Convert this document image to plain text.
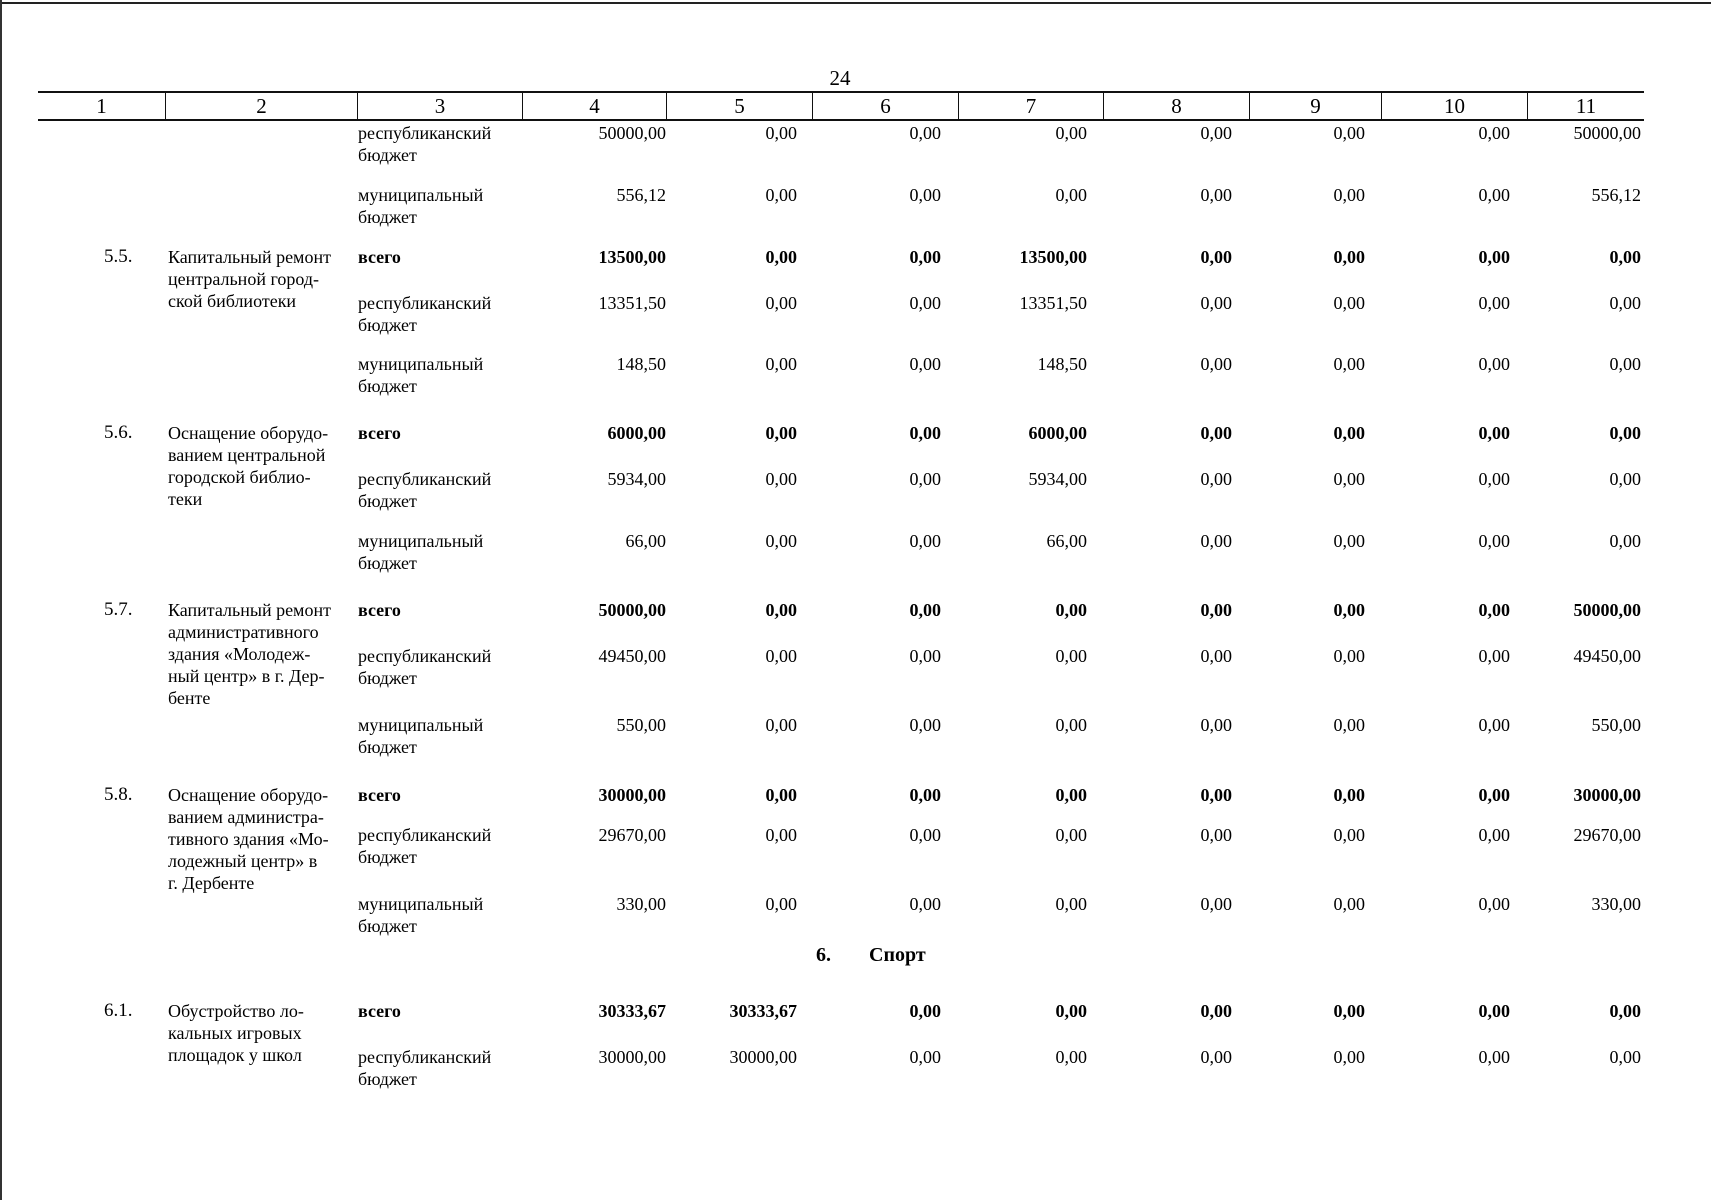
24
1	2	3	4	5	6	7	8	9	10	11
республиканский
бюджет
50000,00	0,00	0,00	0,00	0,00	0,00	0,00	50000,00
муниципальный
бюджет
556,12	0,00	0,00	0,00	0,00	0,00	0,00	556,12
5.5. Капитальный ремонт
центральной город-
ской библиотеки
всего	13500,00	0,00	0,00	13500,00	0,00	0,00	0,00	0,00
республиканский
бюджет
13351,50	0,00	0,00	13351,50	0,00	0,00	0,00	0,00
муниципальный
бюджет
148,50	0,00	0,00	148,50	0,00	0,00	0,00	0,00
5.6. Оснащение оборудо-
ванием центральной
городской библио-
теки
всего	6000,00	0,00	0,00	6000,00	0,00	0,00	0,00	0,00
республиканский
бюджет
5934,00	0,00	0,00	5934,00	0,00	0,00	0,00	0,00
муниципальный
бюджет
66,00	0,00	0,00	66,00	0,00	0,00	0,00	0,00
5.7. Капитальный ремонт
административного
здания «Молодеж-
ный центр» в г. Дер-
бенте
всего	50000,00	0,00	0,00	0,00	0,00	0,00	0,00	50000,00
республиканский
бюджет
49450,00	0,00	0,00	0,00	0,00	0,00	0,00	49450,00
муниципальный
бюджет
550,00	0,00	0,00	0,00	0,00	0,00	0,00	550,00
5.8. Оснащение оборудо-
ванием администра-
тивного здания «Мо-
лодежный центр» в
г. Дербенте
всего	30000,00	0,00	0,00	0,00	0,00	0,00	0,00	30000,00
республиканский
бюджет
29670,00	0,00	0,00	0,00	0,00	0,00	0,00	29670,00
муниципальный
бюджет
330,00	0,00	0,00	0,00	0,00	0,00	0,00	330,00
6.1. Обустройство ло-
кальных игровых
площадок у школ
всего	30333,67	30333,67	0,00	0,00	0,00	0,00	0,00	0,00
республиканский
бюджет
30000,00	30000,00	0,00	0,00	0,00	0,00	0,00	0,00
6. Спорт
